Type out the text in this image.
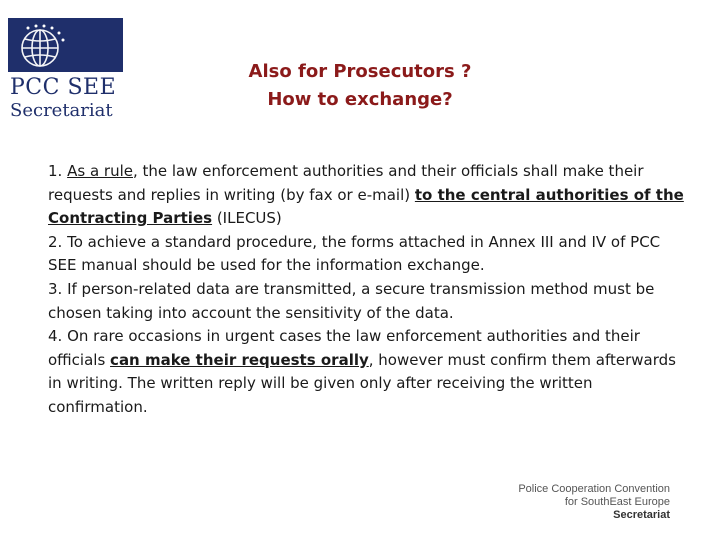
PCC SEE
Secretariat
Also for Prosecutors ?
How to exchange?

1. As a rule, the law enforcement authorities and their officials shall make their requests and replies in writing (by fax or e-mail) to the central authorities of the Contracting Parties (ILECUS)

2. To achieve a standard procedure, the forms attached in Annex III and IV of PCC SEE manual should be used for the information exchange.

3. If person-related data are transmitted, a secure transmission method must be chosen taking into account the sensitivity of the data.

4. On rare occasions in urgent cases the law enforcement authorities and their officials can make their requests orally, however must confirm them afterwards in writing. The written reply will be given only after receiving the written confirmation.

Police Cooperation Convention
for SouthEast Europe
Secretariat
